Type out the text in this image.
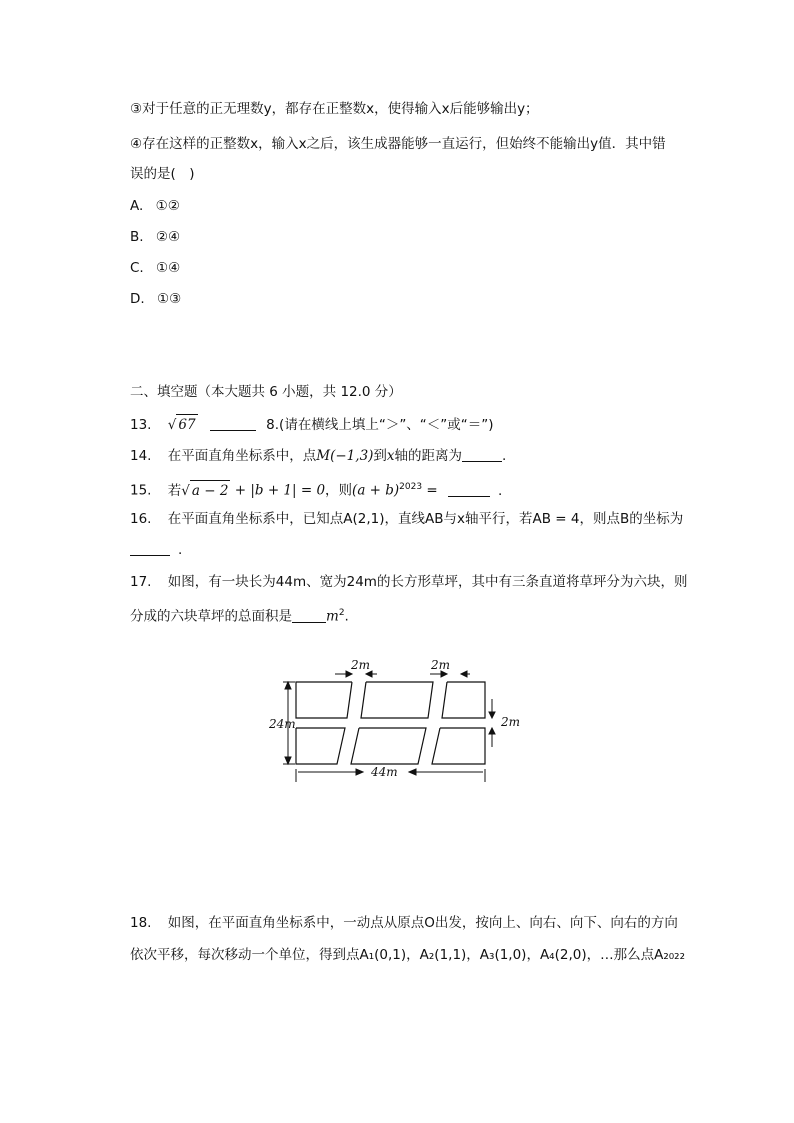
③对于任意的正无理数y，都存在正整数x，使得输入x后能够输出y；
④存在这样的正整数x，输入x之后，该生成器能够一直运行，但始终不能输出y值．其中错
误的是(　)
A. ①②
B. ②④
C. ①④
D. ①③
二、填空题（本大题共 6 小题，共 12.0 分）
13. √ 67	8.(请在横线上填上“＞”、“＜”或“＝”)
14. 在平面直角坐标系中，点M(−1,3)到x轴的距离为	.
15. 若√ a − 2 + |b + 1| = 0，则$(a + b)^{2023}$ =	.
16. 在平面直角坐标系中，已知点A(2,1)，直线AB与x轴平行，若AB = 4，则点B的坐标为
.
17. 如图，有一块长为44m、宽为24m的长方形草坪，其中有三条直道将草坪分为六块，则
分成的六块草坪的总面积是	$m^2$.
2m	2m
2m
24m
44m
18. 如图，在平面直角坐标系中，一动点从原点O出发，按向上、向右、向下、向右的方向
依次平移，每次移动一个单位，得到点A₁(0,1)，A₂(1,1)，A₃(1,0)，A₄(2,0)，…那么点A₂₀₂₂
